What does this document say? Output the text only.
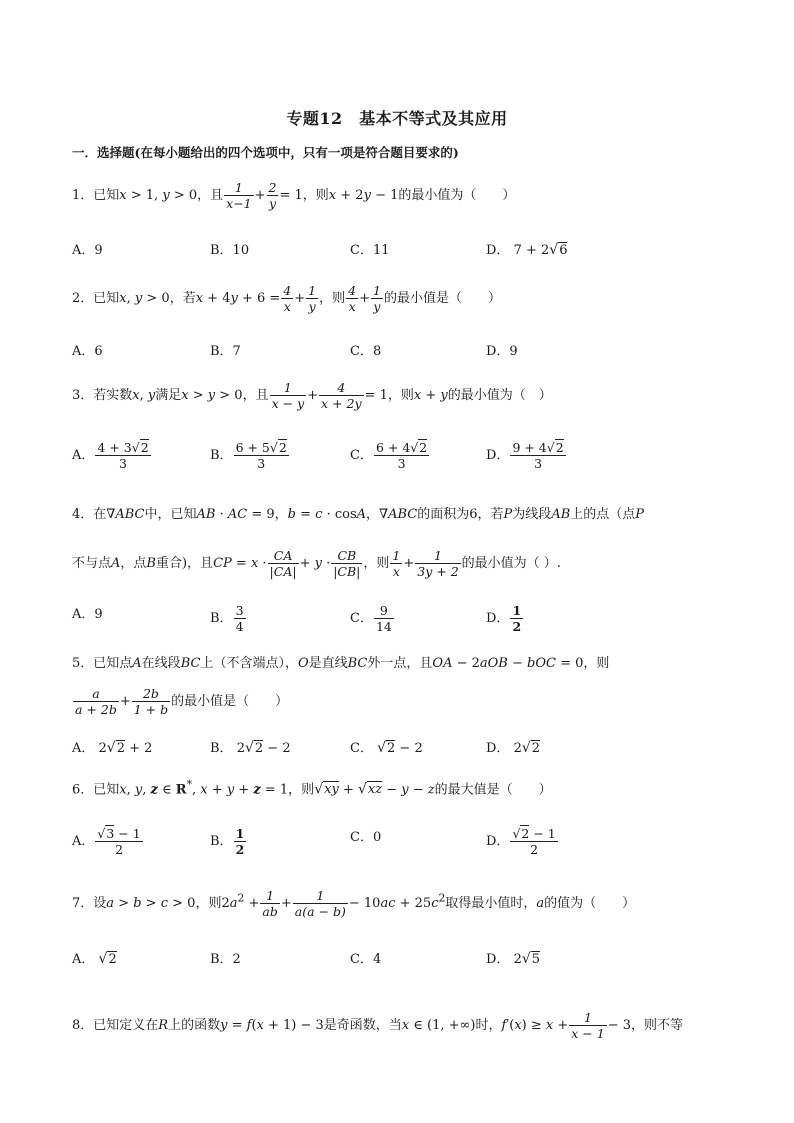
专题12　基本不等式及其应用
一．选择题(在每小题给出的四个选项中，只有一项是符合题目要求的)
1．已知x > 1, y > 0，且 $\frac{1}{x-1} + \frac{2}{y} = 1$，则x + 2y − 1的最小值为（　　）
A．9	B．10	C．11	D． 7 + 2√6
2．已知x, y > 0，若$x + 4y + 6 = \frac{4}{x} + \frac{1}{y}$ ，则 $\frac{4}{x} + \frac{1}{y}$ 的最小值是（　　）
A．6	B．7	C．8	D．9
3．若实数x, y满足x > y > 0，且 $\frac{1}{x - y} + \frac{4}{x + 2y} = 1$，则x + y的最小值为（　）
A． $\frac{4 + 3√2}{3}$	B． $\frac{6 + 5√2}{3}$	C． $\frac{6 + 4√2}{3}$	D． $\frac{9 + 4√2}{3}$
4．在∇ABC中，已知AB · AC = 9，b = c · cosA，∇ABC的面积为6，若P为线段AB上的点（点P
不与点A，点B重合)，且CP = $x \cdot \frac{CA}{|CA|} + y \cdot \frac{CB}{|CB|}$ ，则 $\frac{1}{x} + \frac{1}{3y + 2}$ 的最小值为（ ）.
A．9	B． $\frac{3}{4}$	C． $\frac{9}{14}$	D． $\frac{1}{2}$
5．已知点A在线段BC上（不含端点），O是直线BC外一点，且OA − 2aOB − bOC = 0，则
$\frac{a}{a + 2b} + \frac{2b}{1 + b}$ 的最小值是（　　）
A． 2√2 + 2	B． 2√2 − 2	C． √2 − 2	D． 2√2
6．已知x, y, z ∈ R*, x + y + z = 1，则√xy + √xz − y − z的最大值是（　　）
A． $\frac{√3 - 1}{2}$	B． $\frac{1}{2}$	C．0	D． $\frac{√2 - 1}{2}$
7．设a > b > c > 0，则$2a^2 + \frac{1}{ab} + \frac{1}{a(a - b)} - 10ac + 25c^2$取得最小值时，a的值为（　　）
A． √2	B．2	C．4	D． 2√5
8．已知定义在R上的函数y = f(x + 1) − 3是奇函数，当x ∈ (1, +∞)时，$f'(x) \ge x + \frac{1}{x - 1} - 3$，则不等
